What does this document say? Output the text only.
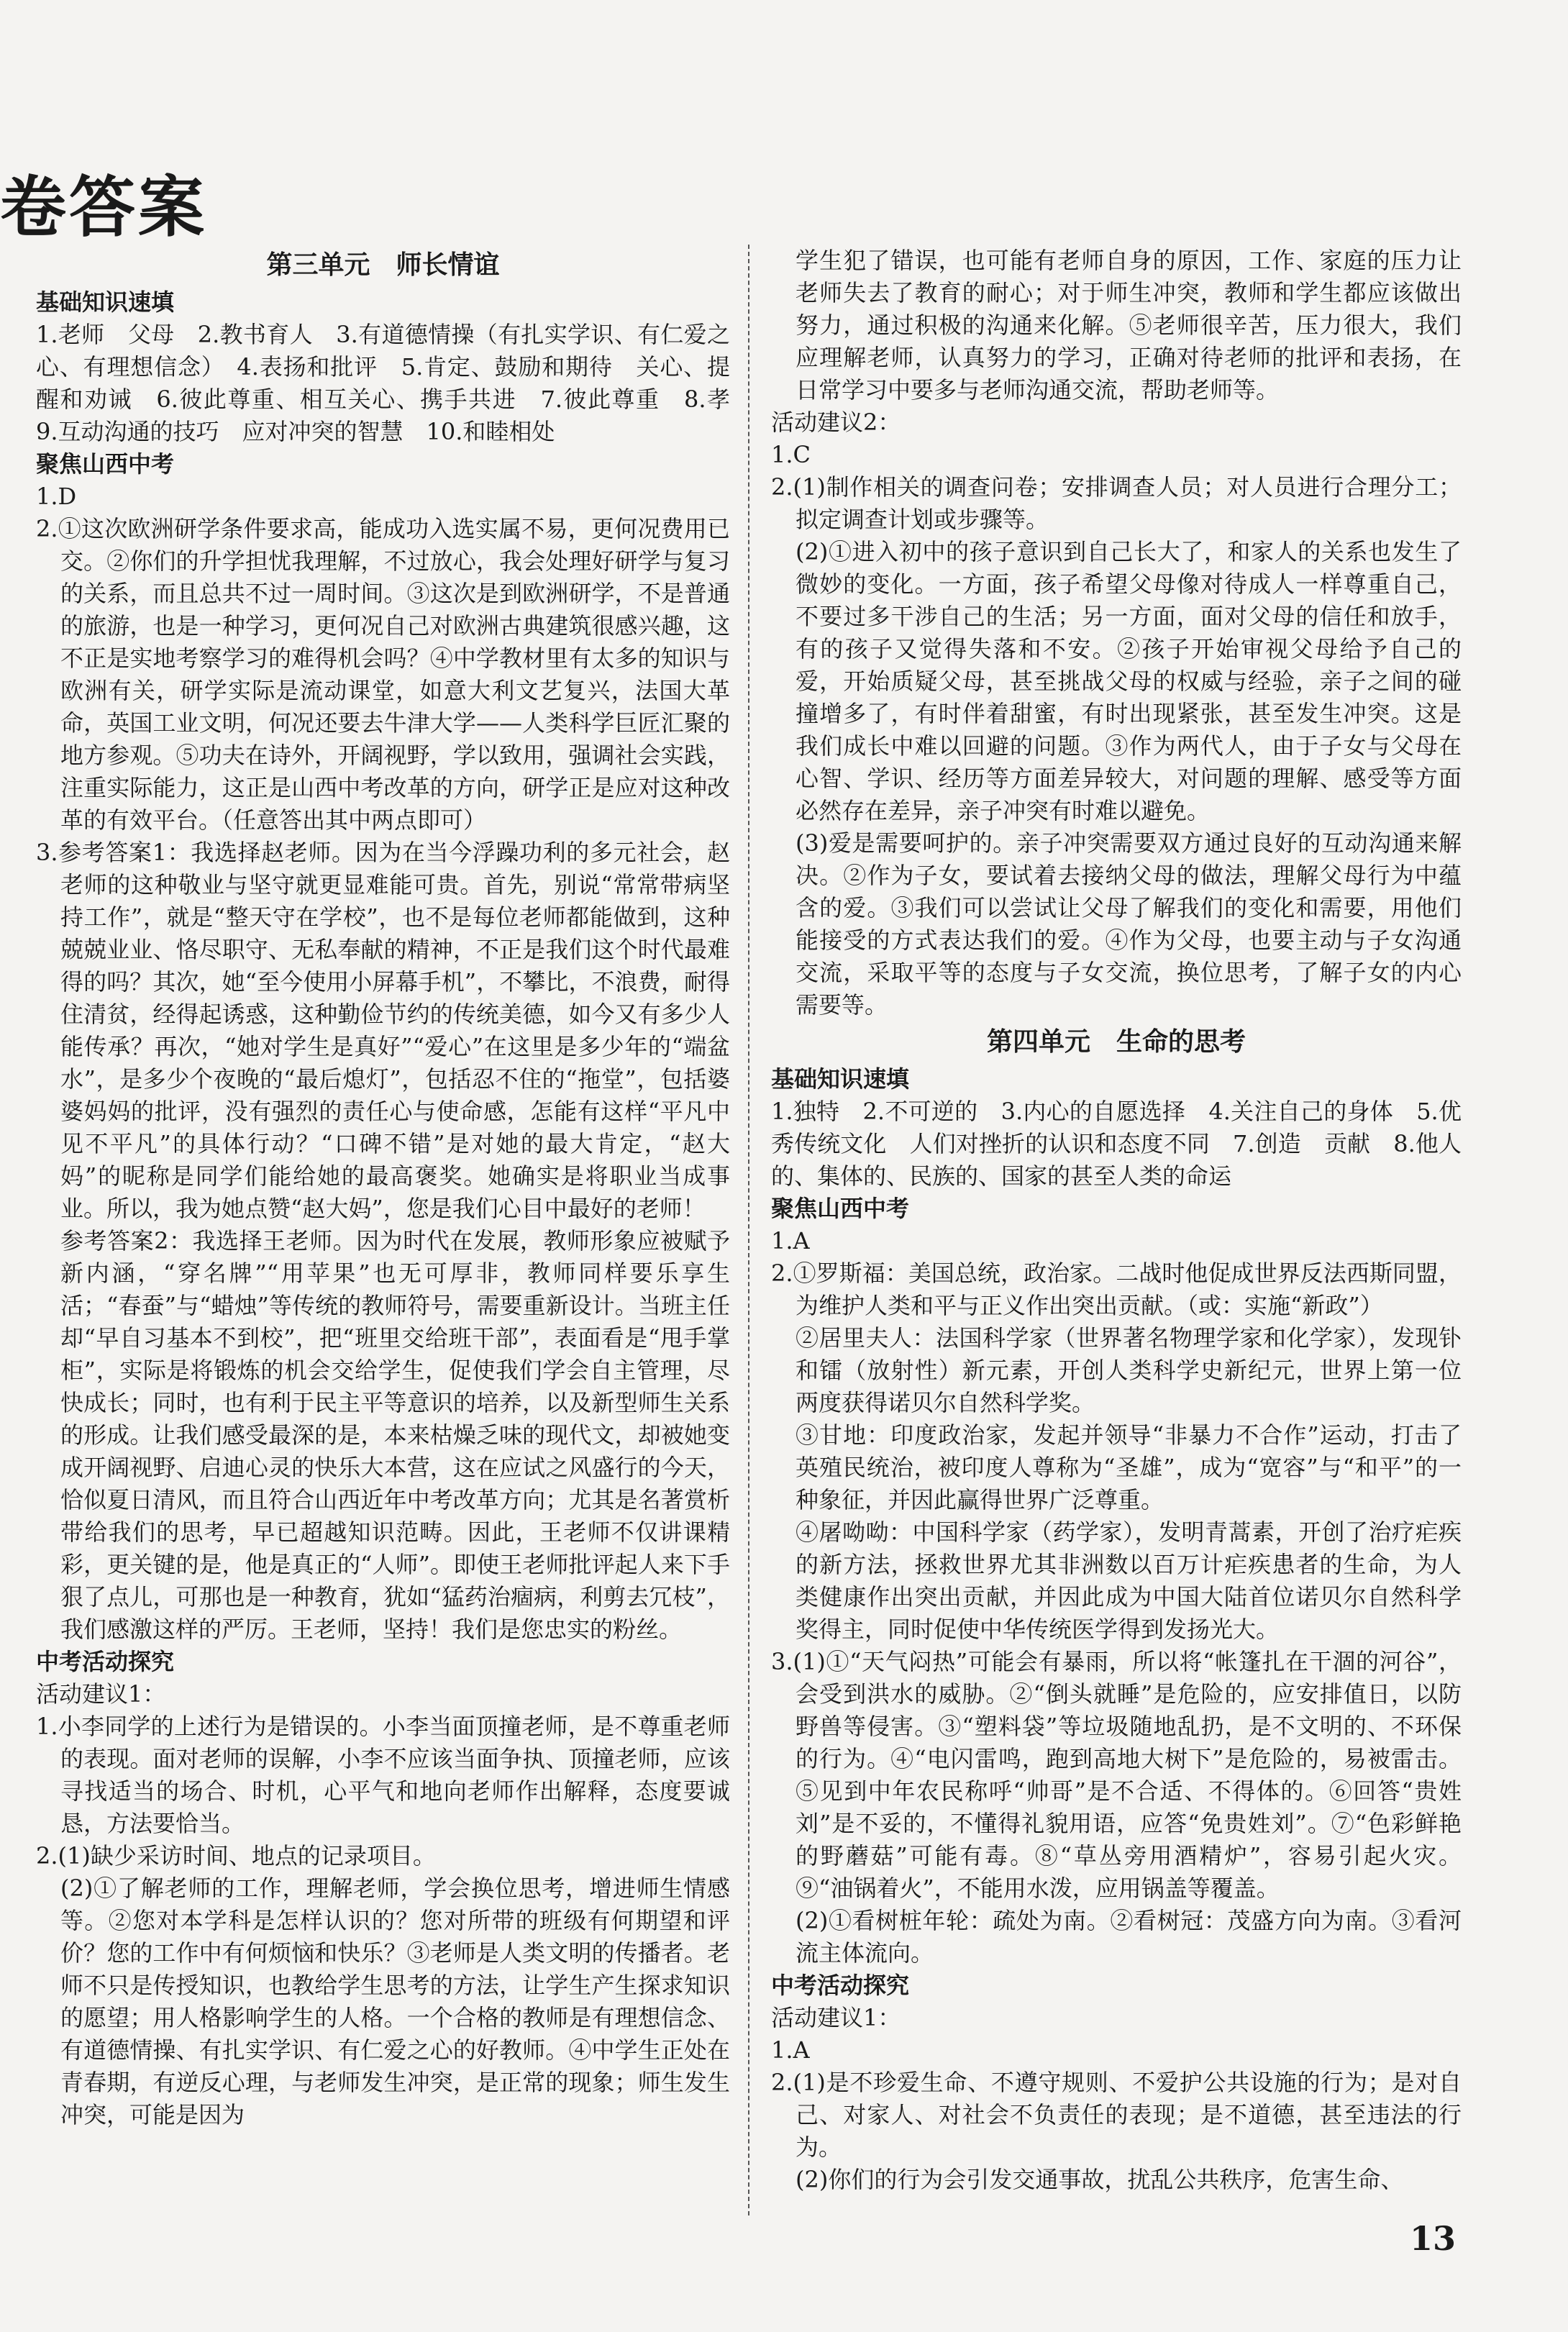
卷答案
第三单元　师长情谊
基础知识速填

1.老师　父母　2.教书育人　3.有道德情操（有扎实学识、有仁爱之心、有理想信念）　4.表扬和批评　5.肯定、鼓励和期待　关心、提醒和劝诫　6.彼此尊重、相互关心、携手共进　7.彼此尊重　8.孝　9.互动沟通的技巧　应对冲突的智慧　10.和睦相处

聚焦山西中考

1.D

2.①这次欧洲研学条件要求高，能成功入选实属不易，更何况费用已交。②你们的升学担忧我理解，不过放心，我会处理好研学与复习的关系，而且总共不过一周时间。③这次是到欧洲研学，不是普通的旅游，也是一种学习，更何况自己对欧洲古典建筑很感兴趣，这不正是实地考察学习的难得机会吗？④中学教材里有太多的知识与欧洲有关，研学实际是流动课堂，如意大利文艺复兴，法国大革命，英国工业文明，何况还要去牛津大学——人类科学巨匠汇聚的地方参观。⑤功夫在诗外，开阔视野，学以致用，强调社会实践，注重实际能力，这正是山西中考改革的方向，研学正是应对这种改革的有效平台。（任意答出其中两点即可）

3.参考答案1：我选择赵老师。因为在当今浮躁功利的多元社会，赵老师的这种敬业与坚守就更显难能可贵。首先，别说“常常带病坚持工作”，就是“整天守在学校”，也不是每位老师都能做到，这种兢兢业业、恪尽职守、无私奉献的精神，不正是我们这个时代最难得的吗？其次，她“至今使用小屏幕手机”，不攀比，不浪费，耐得住清贫，经得起诱惑，这种勤俭节约的传统美德，如今又有多少人能传承？再次，“她对学生是真好”“爱心”在这里是多少年的“端盆水”，是多少个夜晚的“最后熄灯”，包括忍不住的“拖堂”，包括婆婆妈妈的批评，没有强烈的责任心与使命感，怎能有这样“平凡中见不平凡”的具体行动？“口碑不错”是对她的最大肯定，“赵大妈”的昵称是同学们能给她的最高褒奖。她确实是将职业当成事业。所以，我为她点赞“赵大妈”，您是我们心目中最好的老师！

参考答案2：我选择王老师。因为时代在发展，教师形象应被赋予新内涵，“穿名牌”“用苹果”也无可厚非，教师同样要乐享生活；“春蚕”与“蜡烛”等传统的教师符号，需要重新设计。当班主任却“早自习基本不到校”，把“班里交给班干部”，表面看是“甩手掌柜”，实际是将锻炼的机会交给学生，促使我们学会自主管理，尽快成长；同时，也有利于民主平等意识的培养，以及新型师生关系的形成。让我们感受最深的是，本来枯燥乏味的现代文，却被她变成开阔视野、启迪心灵的快乐大本营，这在应试之风盛行的今天，恰似夏日清风，而且符合山西近年中考改革方向；尤其是名著赏析带给我们的思考，早已超越知识范畴。因此，王老师不仅讲课精彩，更关键的是，他是真正的“人师”。即使王老师批评起人来下手狠了点儿，可那也是一种教育，犹如“猛药治痼病，利剪去冗枝”，我们感激这样的严厉。王老师，坚持！我们是您忠实的粉丝。

中考活动探究
活动建议1：

1.小李同学的上述行为是错误的。小李当面顶撞老师，是不尊重老师的表现。面对老师的误解，小李不应该当面争执、顶撞老师，应该寻找适当的场合、时机，心平气和地向老师作出解释，态度要诚恳，方法要恰当。

2.(1)缺少采访时间、地点的记录项目。

(2)①了解老师的工作，理解老师，学会换位思考，增进师生情感等。②您对本学科是怎样认识的？您对所带的班级有何期望和评价？您的工作中有何烦恼和快乐？③老师是人类文明的传播者。老师不只是传授知识，也教给学生思考的方法，让学生产生探求知识的愿望；用人格影响学生的人格。一个合格的教师是有理想信念、有道德情操、有扎实学识、有仁爱之心的好教师。④中学生正处在青春期，有逆反心理，与老师发生冲突，是正常的现象；师生发生冲突，可能是因为

学生犯了错误，也可能有老师自身的原因，工作、家庭的压力让老师失去了教育的耐心；对于师生冲突，教师和学生都应该做出努力，通过积极的沟通来化解。⑤老师很辛苦，压力很大，我们应理解老师，认真努力的学习，正确对待老师的批评和表扬，在日常学习中要多与老师沟通交流，帮助老师等。

活动建议2：

1.C

2.(1)制作相关的调查问卷；安排调查人员；对人员进行合理分工；拟定调查计划或步骤等。

(2)①进入初中的孩子意识到自己长大了，和家人的关系也发生了微妙的变化。一方面，孩子希望父母像对待成人一样尊重自己，不要过多干涉自己的生活；另一方面，面对父母的信任和放手，有的孩子又觉得失落和不安。②孩子开始审视父母给予自己的爱，开始质疑父母，甚至挑战父母的权威与经验，亲子之间的碰撞增多了，有时伴着甜蜜，有时出现紧张，甚至发生冲突。这是我们成长中难以回避的问题。③作为两代人，由于子女与父母在心智、学识、经历等方面差异较大，对问题的理解、感受等方面必然存在差异，亲子冲突有时难以避免。

(3)爱是需要呵护的。亲子冲突需要双方通过良好的互动沟通来解决。②作为子女，要试着去接纳父母的做法，理解父母行为中蕴含的爱。③我们可以尝试让父母了解我们的变化和需要，用他们能接受的方式表达我们的爱。④作为父母，也要主动与子女沟通交流，采取平等的态度与子女交流，换位思考，了解子女的内心需要等。

第四单元　生命的思考
基础知识速填

1.独特　2.不可逆的　3.内心的自愿选择　4.关注自己的身体　5.优秀传统文化　人们对挫折的认识和态度不同　7.创造　贡献　8.他人的、集体的、民族的、国家的甚至人类的命运

聚焦山西中考

1.A

2.①罗斯福：美国总统，政治家。二战时他促成世界反法西斯同盟，为维护人类和平与正义作出突出贡献。（或：实施“新政”）

②居里夫人：法国科学家（世界著名物理学家和化学家），发现钋和镭（放射性）新元素，开创人类科学史新纪元，世界上第一位两度获得诺贝尔自然科学奖。

③甘地：印度政治家，发起并领导“非暴力不合作”运动，打击了英殖民统治，被印度人尊称为“圣雄”，成为“宽容”与“和平”的一种象征，并因此赢得世界广泛尊重。

④屠呦呦：中国科学家（药学家），发明青蒿素，开创了治疗疟疾的新方法，拯救世界尤其非洲数以百万计疟疾患者的生命，为人类健康作出突出贡献，并因此成为中国大陆首位诺贝尔自然科学奖得主，同时促使中华传统医学得到发扬光大。

3.(1)①“天气闷热”可能会有暴雨，所以将“帐篷扎在干涸的河谷”，会受到洪水的威胁。②“倒头就睡”是危险的，应安排值日，以防野兽等侵害。③“塑料袋”等垃圾随地乱扔，是不文明的、不环保的行为。④“电闪雷鸣，跑到高地大树下”是危险的，易被雷击。⑤见到中年农民称呼“帅哥”是不合适、不得体的。⑥回答“贵姓刘”是不妥的，不懂得礼貌用语，应答“免贵姓刘”。⑦“色彩鲜艳的野蘑菇”可能有毒。⑧“草丛旁用酒精炉”，容易引起火灾。⑨“油锅着火”，不能用水泼，应用锅盖等覆盖。

(2)①看树桩年轮：疏处为南。②看树冠：茂盛方向为南。③看河流主体流向。

中考活动探究
活动建议1：

1.A

2.(1)是不珍爱生命、不遵守规则、不爱护公共设施的行为；是对自己、对家人、对社会不负责任的表现；是不道德，甚至违法的行为。

(2)你们的行为会引发交通事故，扰乱公共秩序，危害生命、

13
